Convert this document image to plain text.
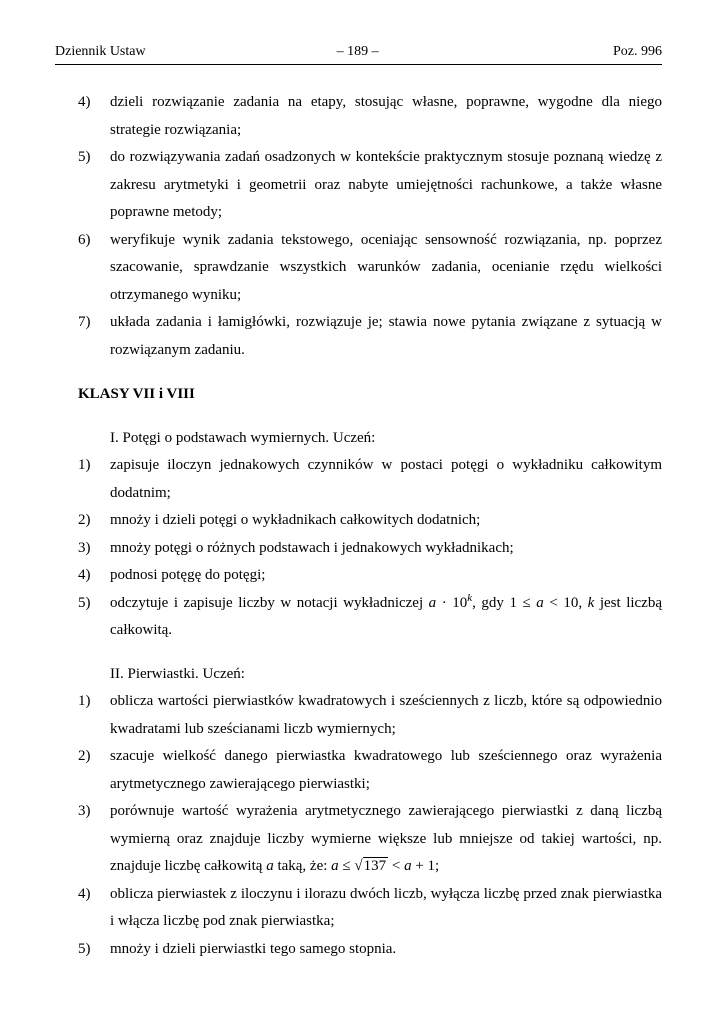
Dziennik Ustaw	– 189 –	Poz. 996
4)	dzieli rozwiązanie zadania na etapy, stosując własne, poprawne, wygodne dla niego strategie rozwiązania;
5)	do rozwiązywania zadań osadzonych w kontekście praktycznym stosuje poznaną wiedzę z zakresu arytmetyki i geometrii oraz nabyte umiejętności rachunkowe, a także własne poprawne metody;
6)	weryfikuje wynik zadania tekstowego, oceniając sensowność rozwiązania, np. poprzez szacowanie, sprawdzanie wszystkich warunków zadania, ocenianie rzędu wielkości otrzymanego wyniku;
7)	układa zadania i łamigłówki, rozwiązuje je; stawia nowe pytania związane z sytuacją w rozwiązanym zadaniu.
KLASY VII i VIII
I. Potęgi o podstawach wymiernych. Uczeń:
1)	zapisuje iloczyn jednakowych czynników w postaci potęgi o wykładniku całkowitym dodatnim;
2)	mnoży i dzieli potęgi o wykładnikach całkowitych dodatnich;
3)	mnoży potęgi o różnych podstawach i jednakowych wykładnikach;
4)	podnosi potęgę do potęgi;
5)	odczytuje i zapisuje liczby w notacji wykładniczej $a \cdot 10^k$, gdy 1 ≤ a < 10, k jest liczbą całkowitą.
II. Pierwiastki. Uczeń:
1)	oblicza wartości pierwiastków kwadratowych i sześciennych z liczb, które są odpowiednio kwadratami lub sześcianami liczb wymiernych;
2)	szacuje wielkość danego pierwiastka kwadratowego lub sześciennego oraz wyrażenia arytmetycznego zawierającego pierwiastki;
3)	porównuje wartość wyrażenia arytmetycznego zawierającego pierwiastki z daną liczbą wymierną oraz znajduje liczby wymierne większe lub mniejsze od takiej wartości, np. znajduje liczbę całkowitą a taką, że: a ≤ √137 < a + 1;
4)	oblicza pierwiastek z iloczynu i ilorazu dwóch liczb, wyłącza liczbę przed znak pierwiastka i włącza liczbę pod znak pierwiastka;
5)	mnoży i dzieli pierwiastki tego samego stopnia.
